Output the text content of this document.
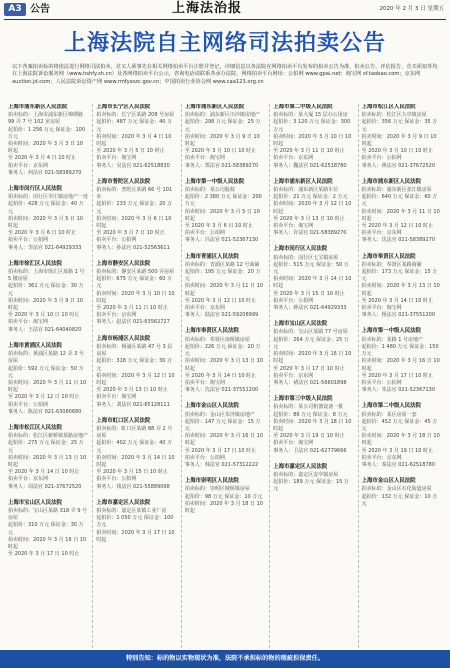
A3 公告	上海法治报	2020 年 2 月 3 日 星期五
上海法院自主网络司法拍卖公告
以下各案拍卖标的将依法进行网络司法拍卖，竞买人须事先在相关网络拍卖平台注册并登记，详细信息以各法院在网络拍卖平台发布的拍卖公告为准。拍卖公告、评估报告、竞买须知等均在上海法院诉讼服务网（www.hshfy.sh.cn）及各网络拍卖平台公示，咨询电话请联系各承办法院。网络拍卖平台网址：公拍网 www.gpai.net；淘宝网 sf.taobao.com；京东网 auction.jd.com；人民法院诉讼资产网 www.rmfysszc.gov.cn；中国拍卖行业协会网 www.caa123.org.cn
上海市浦东新区人民法院
拍卖标的：上海市浦东新区锦绣路 99 弄 7 号 102 室房屋
起拍价：1 256 万元 保证金：100 万元
拍卖时间：2020 年 3 月 3 日 10 时起
至 2020 年 3 月 4 日 10 时止
拍卖平台：京东网
事务人：何法官 021-58389270
上海市闵行区人民法院
拍卖标的：闵行区莘庄镇房地产一处
起拍价：428 万元 保证金：40 万元
拍卖时间：2020 年 3 月 5 日 10 时起
至 2020 年 3 月 6 日 10 时止
拍卖平台：公拍网
事务人：李法官 021-64929333
上海市徐汇区人民法院
拍卖标的：上海市徐汇区某路 1 号 5 楼房屋
起拍价：361 万元 保证金：30 万元
拍卖时间：2020 年 3 月 9 日 10 时起
至 2020 年 3 月 10 日 10 时止
拍卖平台：淘宝网
事务人：王法官 021-64040820
上海市黄浦区人民法院
拍卖标的：黄浦区某路 12 弄 3 号房屋
起拍价：592 万元 保证金：50 万元
拍卖时间：2020 年 3 月 11 日 10 时起
至 2020 年 3 月 12 日 10 时止
拍卖平台：公拍网
事务人：陈法官 021-63080680
上海市松江区人民法院
拍卖标的：松江区新桥镇某路房地产
起拍价：275 万元 保证金：25 万元
拍卖时间：2020 年 3 月 13 日 10 时起
至 2020 年 3 月 14 日 10 时止
拍卖平台：京东网
事务人：周法官 021-37672520
上海市宝山区人民法院
拍卖标的：宝山区某路 318 弄 9 号房屋
起拍价：310 万元 保证金：30 万元
拍卖时间：2020 年 3 月 16 日 10 时起
至 2020 年 3 月 17 日 10 时止
上海市长宁区人民法院
拍卖标的：长宁区某路 208 号房屋
起拍价：487 万元 保证金：40 万元
拍卖时间：2020 年 3 月 4 日 10 时起
至 2020 年 3 月 5 日 10 时止
拍卖平台：淘宝网
事务人：吴法官 021-62518830
上海市普陀区人民法院
拍卖标的：普陀区某路 66 号 101 室
起拍价：233 万元 保证金：20 万元
拍卖时间：2020 年 3 月 6 日 10 时起
至 2020 年 3 月 7 日 10 时止
拍卖平台：公拍网
事务人：孙法官 021-52563611
上海市静安区人民法院
拍卖标的：静安区某路 500 弄房屋
起拍价：675 万元 保证金：60 万元
拍卖时间：2020 年 3 月 10 日 10 时起
至 2020 年 3 月 11 日 10 时止
拍卖平台：京东网
事务人：赵法官 021-63562727
上海市杨浦区人民法院
拍卖标的：杨浦区某路 47 号 3 层房屋
起拍价：318 万元 保证金：30 万元
拍卖时间：2020 年 3 月 12 日 10 时起
至 2020 年 3 月 13 日 10 时止
拍卖平台：淘宝网
事务人：刘法官 021-65128111
上海市虹口区人民法院
拍卖标的：虹口区某路 88 弄 2 号房屋
起拍价：402 万元 保证金：40 万元
拍卖时间：2020 年 3 月 14 日 10 时起
至 2020 年 3 月 15 日 10 时止
拍卖平台：公拍网
事务人：钱法官 021-55889098
上海市嘉定区人民法院
拍卖标的：嘉定区某镇工业厂房
起拍价：1 050 万元 保证金：100 万元
拍卖时间：2020 年 3 月 17 日 10 时起
上海市浦东新区人民法院
拍卖标的：浦东新区川沙镇房地产
起拍价：298 万元 保证金：25 万元
拍卖时间：2020 年 3 月 9 日 10 时起
至 2020 年 3 月 10 日 10 时止
拍卖平台：淘宝网
事务人：郑法官 021-58389270
上海市第一中级人民法院
拍卖标的：某公司股权
起拍价：2 380 万元 保证金：200 万元
拍卖时间：2020 年 3 月 5 日 10 时起
至 2020 年 3 月 6 日 10 时止
拍卖平台：公拍网
事务人：冯法官 021-52367130
上海市青浦区人民法院
拍卖标的：青浦区某路 12 号商铺
起拍价：195 万元 保证金：20 万元
拍卖时间：2020 年 3 月 11 日 10 时起
至 2020 年 3 月 12 日 10 时止
拍卖平台：京东网
事务人：陆法官 021-59208999
上海市奉贤区人民法院
拍卖标的：奉贤区南桥镇房屋
起拍价：226 万元 保证金：20 万元
拍卖时间：2020 年 3 月 13 日 10 时起
至 2020 年 3 月 14 日 10 时止
拍卖平台：淘宝网
事务人：沈法官 021-37551200
上海市金山区人民法院
拍卖标的：金山区朱泾镇房地产
起拍价：147 万元 保证金：15 万元
拍卖时间：2020 年 3 月 16 日 10 时起
至 2020 年 3 月 17 日 10 时止
拍卖平台：公拍网
事务人：韩法官 021-57312222
上海市崇明区人民法院
拍卖标的：崇明区城桥镇房屋
起拍价：98 万元 保证金：10 万元
拍卖时间：2020 年 3 月 18 日 10 时起
上海市第二中级人民法院
拍卖标的：某大厦 15 层办公用房
起拍价：3 120 万元 保证金：300 万元
拍卖时间：2020 年 3 月 10 日 10 时起
至 2020 年 3 月 11 日 10 时止
拍卖平台：京东网
事务人：魏法官 021-62518780
上海市浦东新区人民法院
拍卖标的：浦东新区某路车位
起拍价：21 万元 保证金：2 万元
拍卖时间：2020 年 3 月 12 日 10 时起
至 2020 年 3 月 13 日 10 时止
拍卖平台：淘宝网
事务人：许法官 021-58389270
上海市闵行区人民法院
拍卖标的：闵行区七宝镇房屋
起拍价：515 万元 保证金：50 万元
拍卖时间：2020 年 3 月 14 日 10 时起
至 2020 年 3 月 15 日 10 时止
拍卖平台：公拍网
事务人：蒋法官 021-64929333
上海市宝山区人民法院
拍卖标的：宝山区某路 77 号房屋
起拍价：264 万元 保证金：25 万元
拍卖时间：2020 年 3 月 16 日 10 时起
至 2020 年 3 月 17 日 10 时止
拍卖平台：京东网
事务人：褚法官 021-56601898
上海市第三中级人民法院
拍卖标的：某公司机器设备一批
起拍价：86 万元 保证金：8 万元
拍卖时间：2020 年 3 月 18 日 10 时起
至 2020 年 3 月 19 日 10 时止
拍卖平台：淘宝网
事务人：卫法官 021-62779666
上海市嘉定区人民法院
拍卖标的：嘉定区安亭镇房屋
起拍价：189 万元 保证金：15 万元
上海市松江区人民法院
拍卖标的：松江区九亭镇房屋
起拍价：356 万元 保证金：35 万元
拍卖时间：2020 年 3 月 9 日 10 时起
至 2020 年 3 月 10 日 10 时止
拍卖平台：公拍网
事务人：蒋法官 021-37672520
上海市浦东新区人民法院
拍卖标的：浦东新区张江镇房屋
起拍价：640 万元 保证金：60 万元
拍卖时间：2020 年 3 月 11 日 10 时起
至 2020 年 3 月 12 日 10 时止
拍卖平台：京东网
事务人：沈法官 021-58389270
上海市奉贤区人民法院
拍卖标的：奉贤区某路商铺
起拍价：173 万元 保证金：15 万元
拍卖时间：2020 年 3 月 13 日 10 时起
至 2020 年 3 月 14 日 10 时止
拍卖平台：淘宝网
事务人：杨法官 021-37551200
上海市第一中级人民法院
拍卖标的：某路 1 号房地产
起拍价：1 480 万元 保证金：150 万元
拍卖时间：2020 年 3 月 16 日 10 时起
至 2020 年 3 月 17 日 10 时止
拍卖平台：公拍网
事务人：朱法官 021-52367130
上海市第二中级人民法院
拍卖标的：某区房屋一套
起拍价：452 万元 保证金：45 万元
拍卖时间：2020 年 3 月 18 日 10 时起
至 2020 年 3 月 19 日 10 时止
拍卖平台：京东网
事务人：秦法官 021-62518780
上海市金山区人民法院
拍卖标的：金山区石化街道房屋
起拍价：132 万元 保证金：10 万元
特别告知：标的物以实物现状为准，法院不承担标的物的瑕疵担保责任。
